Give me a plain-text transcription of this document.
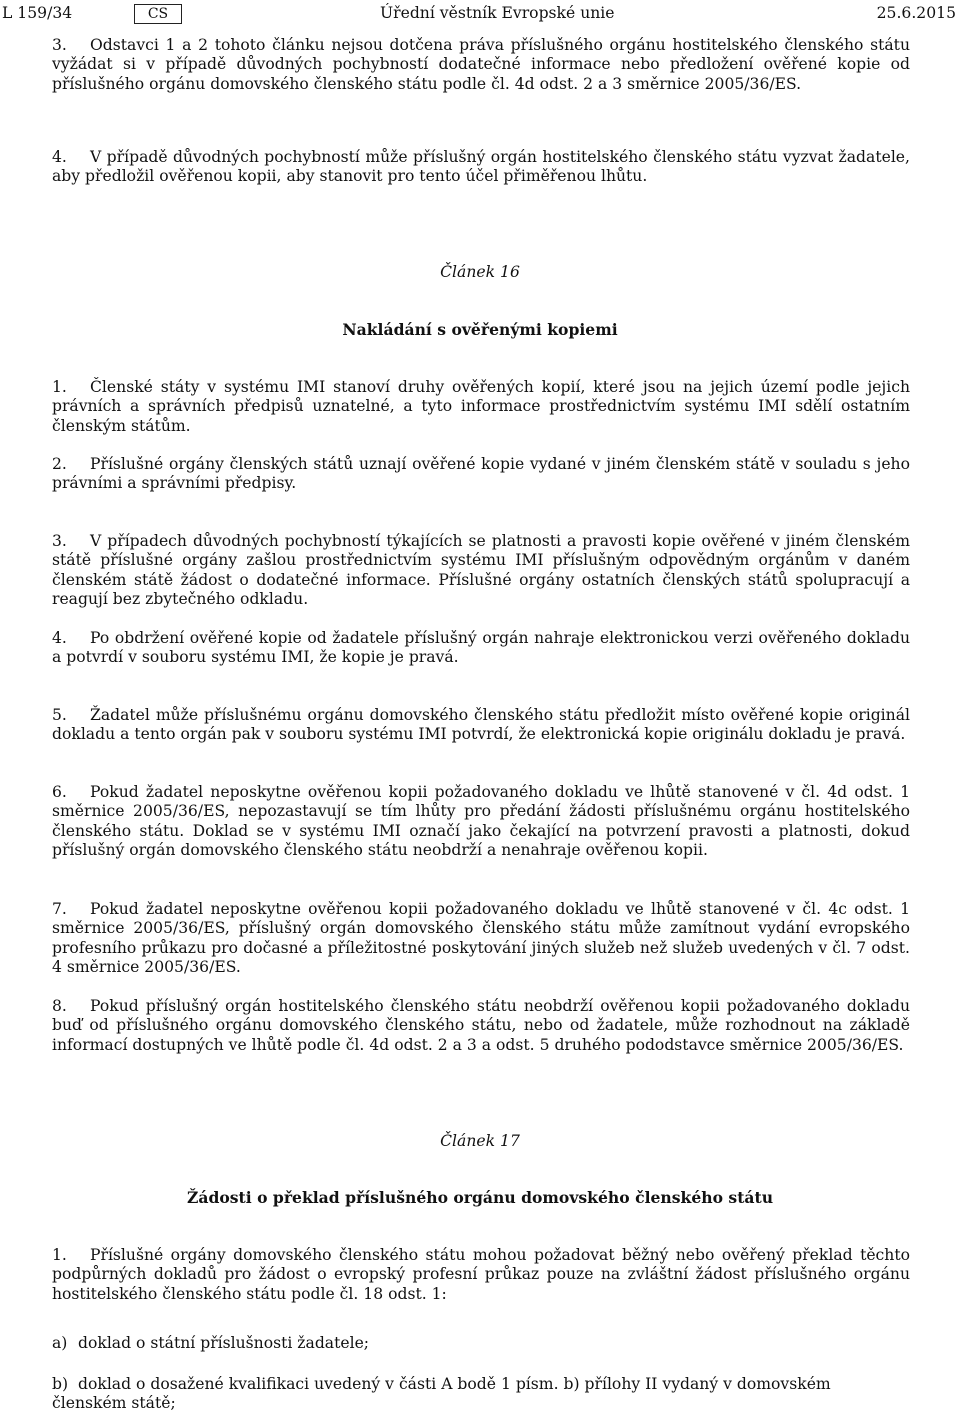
L 159/34	CS	Úřední věstník Evropské unie	25.6.2015

3. Odstavci 1 a 2 tohoto článku nejsou dotčena práva příslušného orgánu hostitelského členského státu vyžádat si v případě důvodných pochybností dodatečné informace nebo předložení ověřené kopie od příslušného orgánu domovského členského státu podle čl. 4d odst. 2 a 3 směrnice 2005/36/ES.

4. V případě důvodných pochybností může příslušný orgán hostitelského členského státu vyzvat žadatele, aby předložil ověřenou kopii, aby stanovit pro tento účel přiměřenou lhůtu.

Článek 16

Nakládání s ověřenými kopiemi

1. Členské státy v systému IMI stanoví druhy ověřených kopií, které jsou na jejich území podle jejich právních a správních předpisů uznatelné, a tyto informace prostřednictvím systému IMI sdělí ostatním členským státům.

2. Příslušné orgány členských států uznají ověřené kopie vydané v jiném členském státě v souladu s jeho právními a správními předpisy.

3. V případech důvodných pochybností týkajících se platnosti a pravosti kopie ověřené v jiném členském státě příslušné orgány zašlou prostřednictvím systému IMI příslušným odpovědným orgánům v daném členském státě žádost o dodatečné informace. Příslušné orgány ostatních členských států spolupracují a reagují bez zbytečného odkladu.

4. Po obdržení ověřené kopie od žadatele příslušný orgán nahraje elektronickou verzi ověřeného dokladu a potvrdí v souboru systému IMI, že kopie je pravá.

5. Žadatel může příslušnému orgánu domovského členského státu předložit místo ověřené kopie originál dokladu a tento orgán pak v souboru systému IMI potvrdí, že elektronická kopie originálu dokladu je pravá.

6. Pokud žadatel neposkytne ověřenou kopii požadovaného dokladu ve lhůtě stanovené v čl. 4d odst. 1 směrnice 2005/36/ES, nepozastavují se tím lhůty pro předání žádosti příslušnému orgánu hostitelského členského státu. Doklad se v systému IMI označí jako čekající na potvrzení pravosti a platnosti, dokud příslušný orgán domovského členského státu neobdrží a nenahraje ověřenou kopii.

7. Pokud žadatel neposkytne ověřenou kopii požadovaného dokladu ve lhůtě stanovené v čl. 4c odst. 1 směrnice 2005/36/ES, příslušný orgán domovského členského státu může zamítnout vydání evropského profesního průkazu pro dočasné a příležitostné poskytování jiných služeb než služeb uvedených v čl. 7 odst. 4 směrnice 2005/36/ES.

8. Pokud příslušný orgán hostitelského členského státu neobdrží ověřenou kopii požadovaného dokladu buď od příslušného orgánu domovského členského státu, nebo od žadatele, může rozhodnout na základě informací dostupných ve lhůtě podle čl. 4d odst. 2 a 3 a odst. 5 druhého pododstavce směrnice 2005/36/ES.

Článek 17

Žádosti o překlad příslušného orgánu domovského členského státu

1. Příslušné orgány domovského členského státu mohou požadovat běžný nebo ověřený překlad těchto podpůrných dokladů pro žádost o evropský profesní průkaz pouze na zvláštní žádost příslušného orgánu hostitelského členského státu podle čl. 18 odst. 1:

a) doklad o státní příslušnosti žadatele;

b) doklad o dosažené kvalifikaci uvedený v části A bodě 1 písm. b) přílohy II vydaný v domovském členském státě;
